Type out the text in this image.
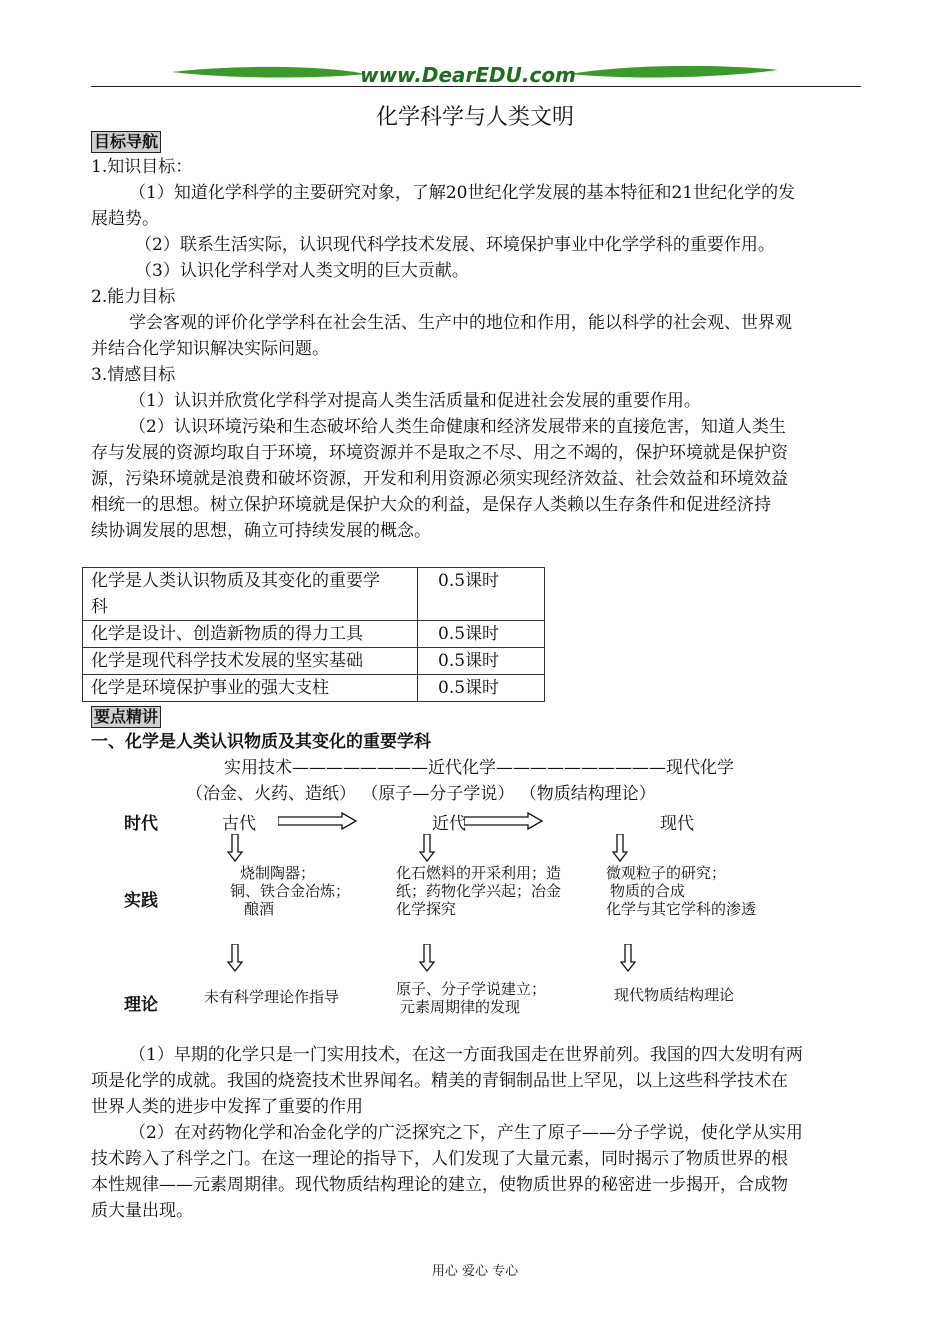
www.DearEDU.com
化学科学与人类文明
目标导航
1.知识目标：
（1）知道化学科学的主要研究对象，了解20世纪化学发展的基本特征和21世纪化学的发
展趋势。
（2）联系生活实际，认识现代科学技术发展、环境保护事业中化学学科的重要作用。
（3）认识化学科学对人类文明的巨大贡献。
2.能力目标
学会客观的评价化学学科在社会生活、生产中的地位和作用，能以科学的社会观、世界观
并结合化学知识解决实际问题。
3.情感目标
（1）认识并欣赏化学科学对提高人类生活质量和促进社会发展的重要作用。
（2）认识环境污染和生态破坏给人类生命健康和经济发展带来的直接危害，知道人类生
存与发展的资源均取自于环境，环境资源并不是取之不尽、用之不竭的，保护环境就是保护资
源，污染环境就是浪费和破坏资源，开发和利用资源必须实现经济效益、社会效益和环境效益
相统一的思想。树立保护环境就是保护大众的利益，是保存人类赖以生存条件和促进经济持
续协调发展的思想，确立可持续发展的概念。
化学是人类认识物质及其变化的重要学
科	0.5课时
化学是设计、创造新物质的得力工具	0.5课时
化学是现代科学技术发展的坚实基础	0.5课时
化学是环境保护事业的强大支柱	0.5课时
要点精讲
一、化学是人类认识物质及其变化的重要学科
实用技术————————近代化学——————————现代化学
（冶金、火药、造纸） （原子—分子学说） （物质结构理论）
时代
实践
理论
古代	近代	现代
烧制陶器；
铜、铁合金冶炼；
酿酒
化石燃料的开采利用；造
纸；药物化学兴起；冶金
化学探究
微观粒子的研究；
物质的合成
化学与其它学科的渗透
未有科学理论作指导	原子、分子学说建立；
元素周期律的发现
现代物质结构理论
（1）早期的化学只是一门实用技术，在这一方面我国走在世界前列。我国的四大发明有两
项是化学的成就。我国的烧瓷技术世界闻名。精美的青铜制品世上罕见，以上这些科学技术在
世界人类的进步中发挥了重要的作用
（2）在对药物化学和冶金化学的广泛探究之下，产生了原子——分子学说，使化学从实用
技术跨入了科学之门。在这一理论的指导下，人们发现了大量元素，同时揭示了物质世界的根
本性规律——元素周期律。现代物质结构理论的建立，使物质世界的秘密进一步揭开，合成物
质大量出现。
用心 爱心 专心
